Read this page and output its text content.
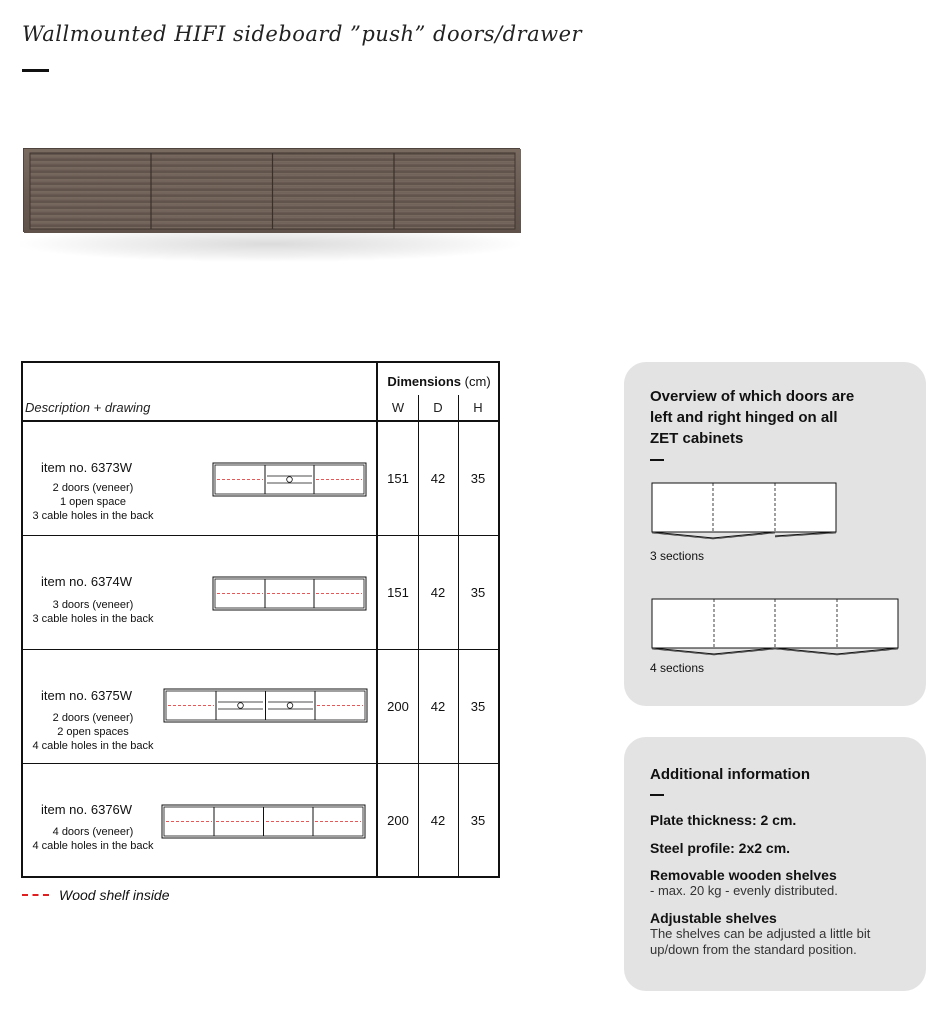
Wallmounted HIFI sideboard ”push” doors/drawer
Description + drawing
Dimensions (cm)
W	D	H
item no. 6373W
2 doors (veneer)
1 open space
3 cable holes in the back
151	42	35
item no. 6374W
3 doors (veneer)
3 cable holes in the back
151	42	35
item no. 6375W
2 doors (veneer)
2 open spaces
4 cable holes in the back
200	42	35
item no. 6376W
4 doors (veneer)
4 cable holes in the back
200	42	35
Wood shelf inside
Overview of which doors are
left and right hinged on all
ZET cabinets
3 sections
4 sections
Additional information
Plate thickness: 2 cm.
Steel profile: 2x2 cm.
Removable wooden shelves
- max. 20 kg - evenly distributed.
Adjustable shelves
The shelves can be adjusted a little bit up/down from the standard position.
